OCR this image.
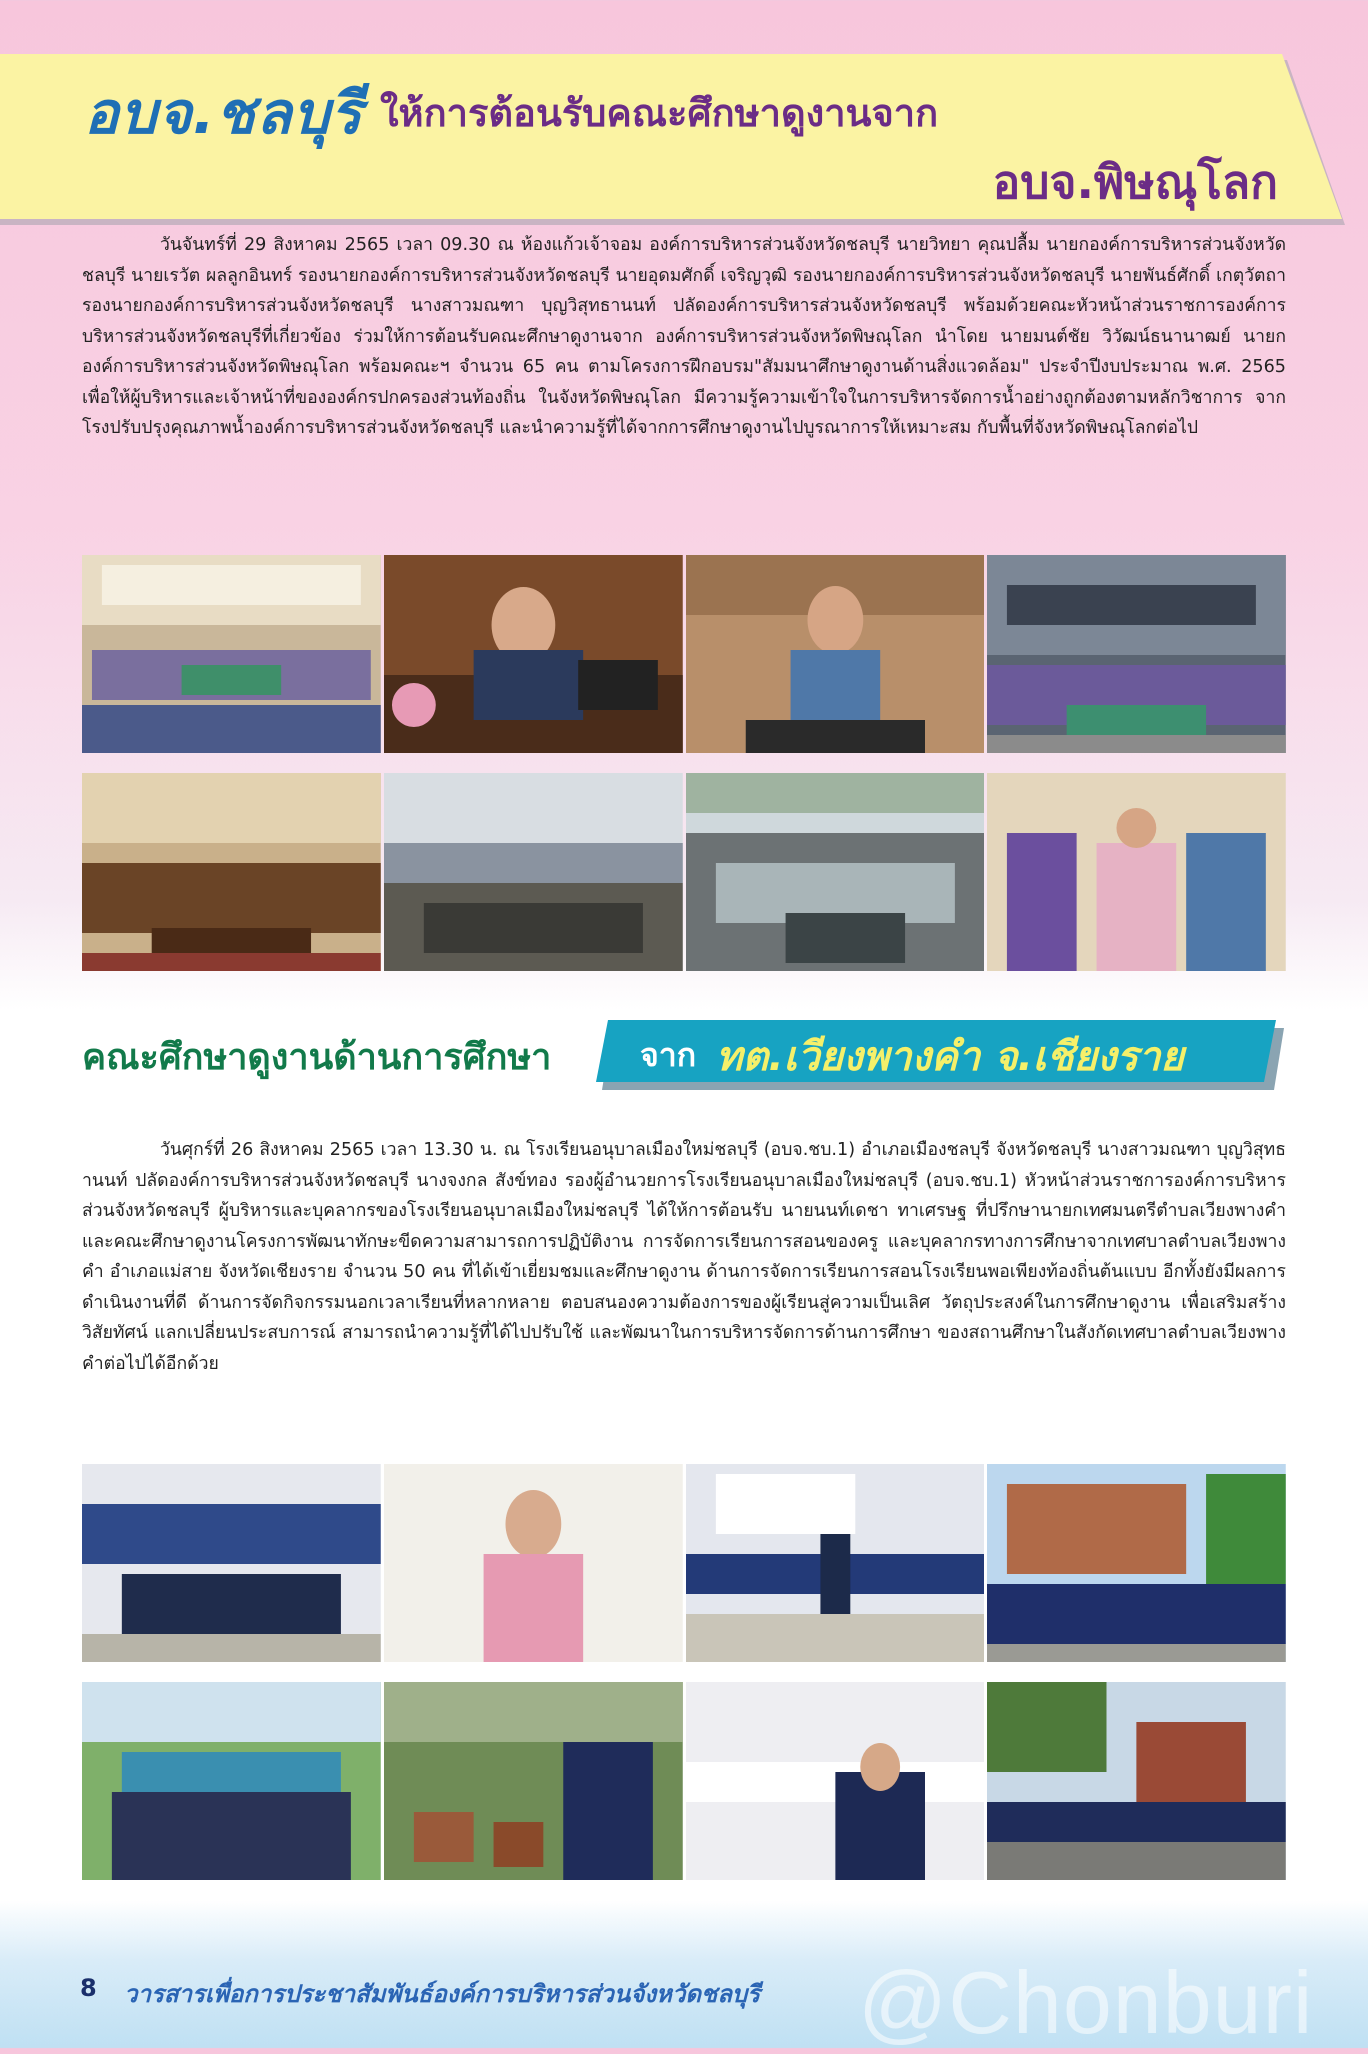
อบจ.ชลบุรี ให้การต้อนรับคณะศึกษาดูงานจาก
อบจ.พิษณุโลก
วันจันทร์ที่ 29 สิงหาคม 2565 เวลา 09.30 ณ ห้องแก้วเจ้าจอม องค์การบริหารส่วนจังหวัดชลบุรี นายวิทยา คุณปลื้ม นายกองค์การบริหารส่วนจังหวัดชลบุรี นายเรวัต ผลลูกอินทร์ รองนายกองค์การบริหารส่วนจังหวัดชลบุรี นายอุดมศักดิ์ เจริญวุฒิ รองนายกองค์การบริหารส่วนจังหวัดชลบุรี นายพันธ์ศักดิ์ เกตุวัตถา รองนายกองค์การบริหารส่วนจังหวัดชลบุรี นางสาวมณฑา บุญวิสุทธานนท์ ปลัดองค์การบริหารส่วนจังหวัดชลบุรี พร้อมด้วยคณะหัวหน้าส่วนราชการองค์การบริหารส่วนจังหวัดชลบุรีที่เกี่ยวข้อง ร่วมให้การต้อนรับคณะศึกษาดูงานจาก องค์การบริหารส่วนจังหวัดพิษณุโลก นำโดย นายมนต์ชัย วิวัฒน์ธนานาฒย์ นายกองค์การบริหารส่วนจังหวัดพิษณุโลก พร้อมคณะฯ จำนวน 65 คน ตามโครงการฝึกอบรม"สัมมนาศึกษาดูงานด้านสิ่งแวดล้อม" ประจำปีงบประมาณ พ.ศ. 2565 เพื่อให้ผู้บริหารและเจ้าหน้าที่ขององค์กรปกครองส่วนท้องถิ่น ในจังหวัดพิษณุโลก มีความรู้ความเข้าใจในการบริหารจัดการน้ำอย่างถูกต้องตามหลักวิชาการ จากโรงปรับปรุงคุณภาพน้ำองค์การบริหารส่วนจังหวัดชลบุรี และนำความรู้ที่ได้จากการศึกษาดูงานไปบูรณาการให้เหมาะสม กับพื้นที่จังหวัดพิษณุโลกต่อไป
คณะศึกษาดูงานด้านการศึกษา	จาก ทต.เวียงพางคำ จ.เชียงราย
วันศุกร์ที่ 26 สิงหาคม 2565 เวลา 13.30 น. ณ โรงเรียนอนุบาลเมืองใหม่ชลบุรี (อบจ.ชบ.1) อำเภอเมืองชลบุรี จังหวัดชลบุรี นางสาวมณฑา บุญวิสุทธานนท์ ปลัดองค์การบริหารส่วนจังหวัดชลบุรี นางจงกล สังข์ทอง รองผู้อำนวยการโรงเรียนอนุบาลเมืองใหม่ชลบุรี (อบจ.ชบ.1) หัวหน้าส่วนราชการองค์การบริหารส่วนจังหวัดชลบุรี ผู้บริหารและบุคลากรของโรงเรียนอนุบาลเมืองใหม่ชลบุรี ได้ให้การต้อนรับ นายนนท์เดชา ทาเศรษฐ ที่ปรึกษานายกเทศมนตรีตำบลเวียงพางคำ และคณะศึกษาดูงานโครงการพัฒนาทักษะขีดความสามารถการปฏิบัติงาน การจัดการเรียนการสอนของครู และบุคลากรทางการศึกษาจากเทศบาลตำบลเวียงพางคำ อำเภอแม่สาย จังหวัดเชียงราย จำนวน 50 คน ที่ได้เข้าเยี่ยมชมและศึกษาดูงาน ด้านการจัดการเรียนการสอนโรงเรียนพอเพียงท้องถิ่นต้นแบบ อีกทั้งยังมีผลการดำเนินงานที่ดี ด้านการจัดกิจกรรมนอกเวลาเรียนที่หลากหลาย ตอบสนองความต้องการของผู้เรียนสู่ความเป็นเลิศ วัตถุประสงค์ในการศึกษาดูงาน เพื่อเสริมสร้างวิสัยทัศน์ แลกเปลี่ยนประสบการณ์ สามารถนำความรู้ที่ได้ไปปรับใช้ และพัฒนาในการบริหารจัดการด้านการศึกษา ของสถานศึกษาในสังกัดเทศบาลตำบลเวียงพางคำต่อไปได้อีกด้วย
8 วารสารเพื่อการประชาสัมพันธ์องค์การบริหารส่วนจังหวัดชลบุรี @Chonburi
